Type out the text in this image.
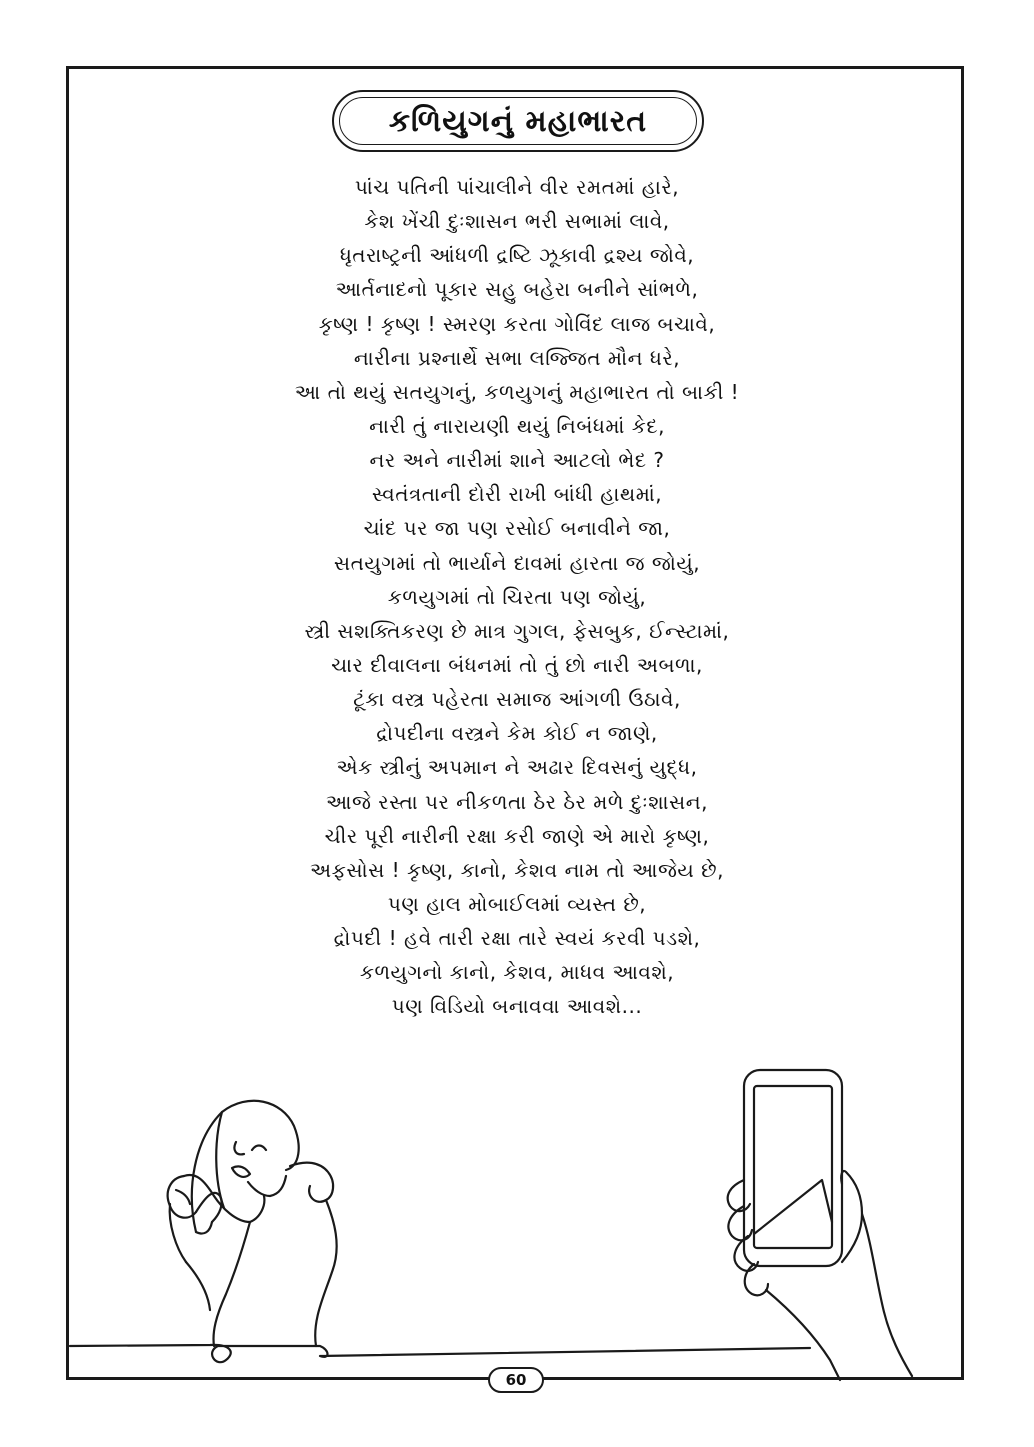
કળિયુગનું મહાભારત
પાંચ પતિની પાંચાલીને વીર રમતમાં હારે,
કેશ ખેંચી દુઃશાસન ભરી સભામાં લાવે,
ધૃતરાષ્ટ્રની આંધળી દ્રષ્ટિ ઝૂકાવી દ્રશ્ય જોવે,
આર્તનાદનો પૂકાર સહુ બહેરા બનીને સાંભળે,
કૃષ્ણ ! કૃષ્ણ ! સ્મરણ કરતા ગોવિંદ લાજ બચાવે,
નારીના પ્રશ્નાર્થે સભા લજ્જિત મૌન ધરે,
આ તો થયું સતયુગનું, કળયુગનું મહાભારત તો બાકી !
નારી તું નારાયણી થયું નિબંધમાં કેદ,
નર અને નારીમાં શાને આટલો ભેદ ?
સ્વતંત્રતાની દોરી રાખી બાંધી હાથમાં,
ચાંદ પર જા પણ રસોઈ બનાવીને જા,
સતયુગમાં તો ભાર્યાને દાવમાં હારતા જ જોયું,
કળયુગમાં તો ચિરતા પણ જોયું,
સ્ત્રી સશક્તિકરણ છે માત્ર ગુગલ, ફેસબુક, ઈન્સ્ટામાં,
ચાર દીવાલના બંધનમાં તો તું છો નારી અબળા,
ટૂંકા વસ્ત્ર પહેરતા સમાજ આંગળી ઉઠાવે,
દ્રોપદીના વસ્ત્રને કેમ કોઈ ન જાણે,
એક સ્ત્રીનું અપમાન ને અઢાર દિવસનું યુદ્ધ,
આજે રસ્તા પર નીકળતા ઠેર ઠેર મળે દુઃશાસન,
ચીર પૂરી નારીની રક્ષા કરી જાણે એ મારો કૃષ્ણ,
અફસોસ ! કૃષ્ણ, કાનો, કેશવ નામ તો આજેય છે,
પણ હાલ મોબાઈલમાં વ્યસ્ત છે,
દ્રોપદી ! હવે તારી રક્ષા તારે સ્વયં કરવી પડશે,
કળયુગનો કાનો, કેશવ, માધવ આવશે,
પણ વિડિયો બનાવવા આવશે...
60
